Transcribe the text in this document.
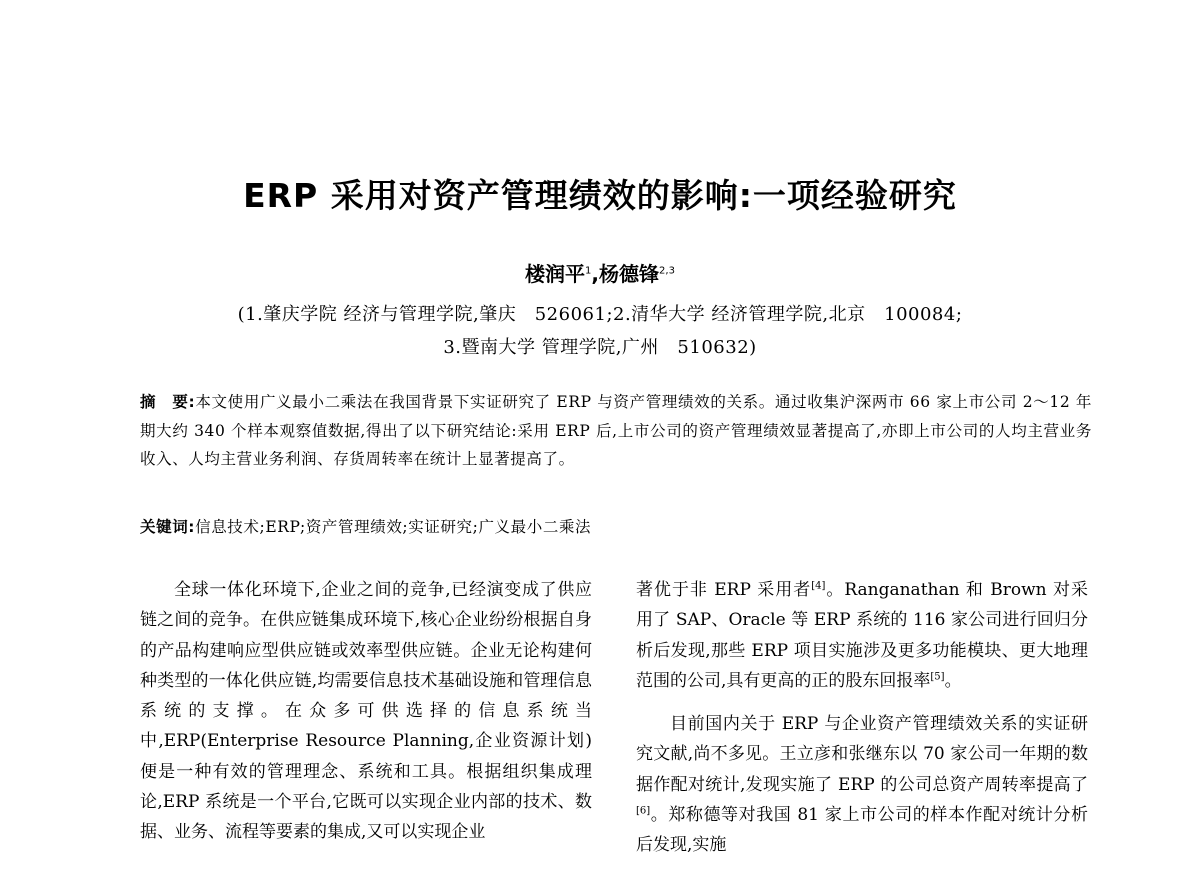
ERP 采用对资产管理绩效的影响:一项经验研究
楼润平$^1$,杨德锋$^{2,3}$
(1.肇庆学院 经济与管理学院,肇庆　526061;2.清华大学 经济管理学院,北京　100084;
3.暨南大学 管理学院,广州　510632)
摘　要:本文使用广义最小二乘法在我国背景下实证研究了 ERP 与资产管理绩效的关系。通过收集沪深两市 66 家上市公司 2～12 年期大约 340 个样本观察值数据,得出了以下研究结论:采用 ERP 后,上市公司的资产管理绩效显著提高了,亦即上市公司的人均主营业务收入、人均主营业务利润、存货周转率在统计上显著提高了。
关键词:信息技术;ERP;资产管理绩效;实证研究;广义最小二乘法

全球一体化环境下,企业之间的竞争,已经演变成了供应链之间的竞争。在供应链集成环境下,核心企业纷纷根据自身的产品构建响应型供应链或效率型供应链。企业无论构建何种类型的一体化供应链,均需要信息技术基础设施和管理信息系统的支撑。在众多可供选择的信息系统当中,ERP(Enterprise Resource Planning,企业资源计划)便是一种有效的管理理念、系统和工具。根据组织集成理论,ERP 系统是一个平台,它既可以实现企业内部的技术、数据、业务、流程等要素的集成,又可以实现企业

著优于非 ERP 采用者[4]。Ranganathan 和 Brown 对采用了 SAP、Oracle 等 ERP 系统的 116 家公司进行回归分析后发现,那些 ERP 项目实施涉及更多功能模块、更大地理范围的公司,具有更高的正的股东回报率[5]。

目前国内关于 ERP 与企业资产管理绩效关系的实证研究文献,尚不多见。王立彦和张继东以 70 家公司一年期的数据作配对统计,发现实施了 ERP 的公司总资产周转率提高了[6]。郑称德等对我国 81 家上市公司的样本作配对统计分析后发现,实施
